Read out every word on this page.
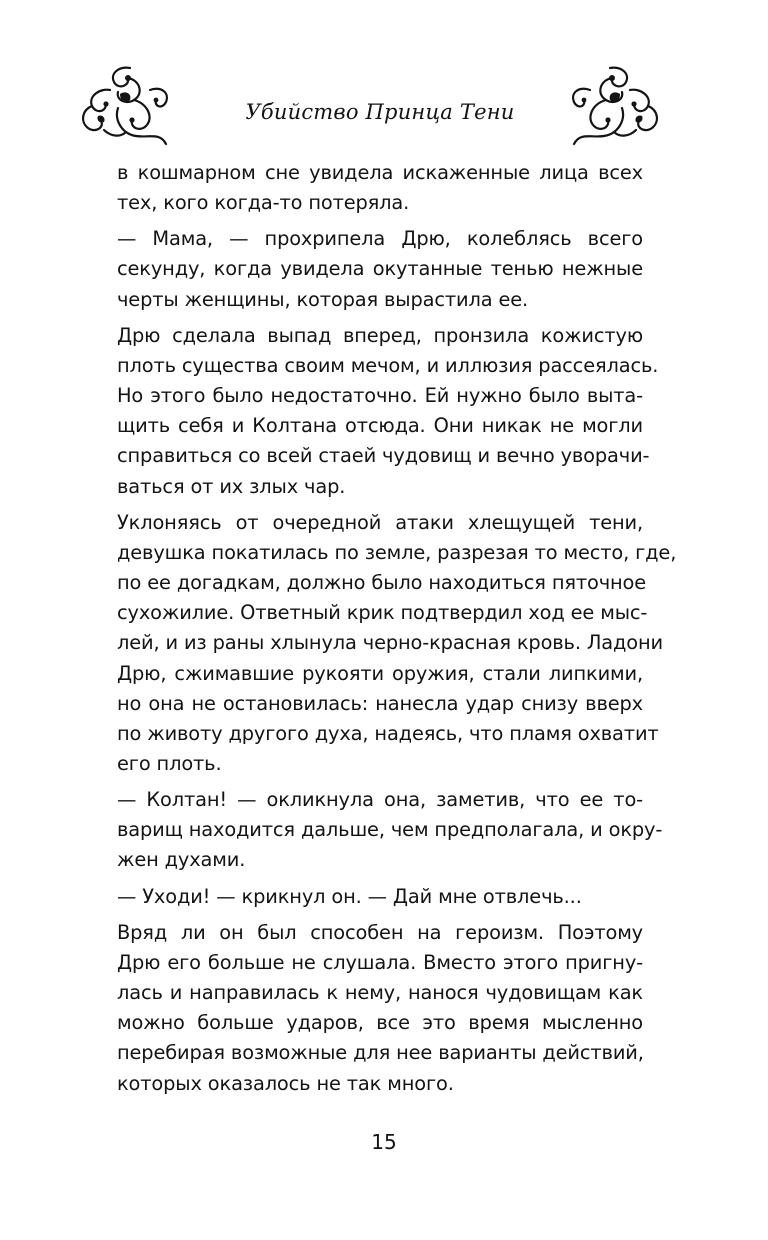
Убийство Принца Тени
в кошмарном сне увидела искаженные лица всех
тех, кого когда-то потеряла.
— Мама, — прохрипела Дрю, колеблясь всего
секунду, когда увидела окутанные тенью нежные
черты женщины, которая вырастила ее.
Дрю сделала выпад вперед, пронзила кожистую
плоть существа своим мечом, и иллюзия рассеялась.
Но этого было недостаточно. Ей нужно было выта-
щить себя и Колтана отсюда. Они никак не могли
справиться со всей стаей чудовищ и вечно уворачи-
ваться от их злых чар.
Уклоняясь от очередной атаки хлещущей тени,
девушка покатилась по земле, разрезая то место, где,
по ее догадкам, должно было находиться пяточное
сухожилие. Ответный крик подтвердил ход ее мыс-
лей, и из раны хлынула черно-красная кровь. Ладони
Дрю, сжимавшие рукояти оружия, стали липкими,
но она не остановилась: нанесла удар снизу вверх
по животу другого духа, надеясь, что пламя охватит
его плоть.
— Колтан! — окликнула она, заметив, что ее то-
варищ находится дальше, чем предполагала, и окру-
жен духами.
— Уходи! — крикнул он. — Дай мне отвлечь...
Вряд ли он был способен на героизм. Поэтому
Дрю его больше не слушала. Вместо этого пригну-
лась и направилась к нему, нанося чудовищам как
можно больше ударов, все это время мысленно
перебирая возможные для нее варианты действий,
которых оказалось не так много.
15
